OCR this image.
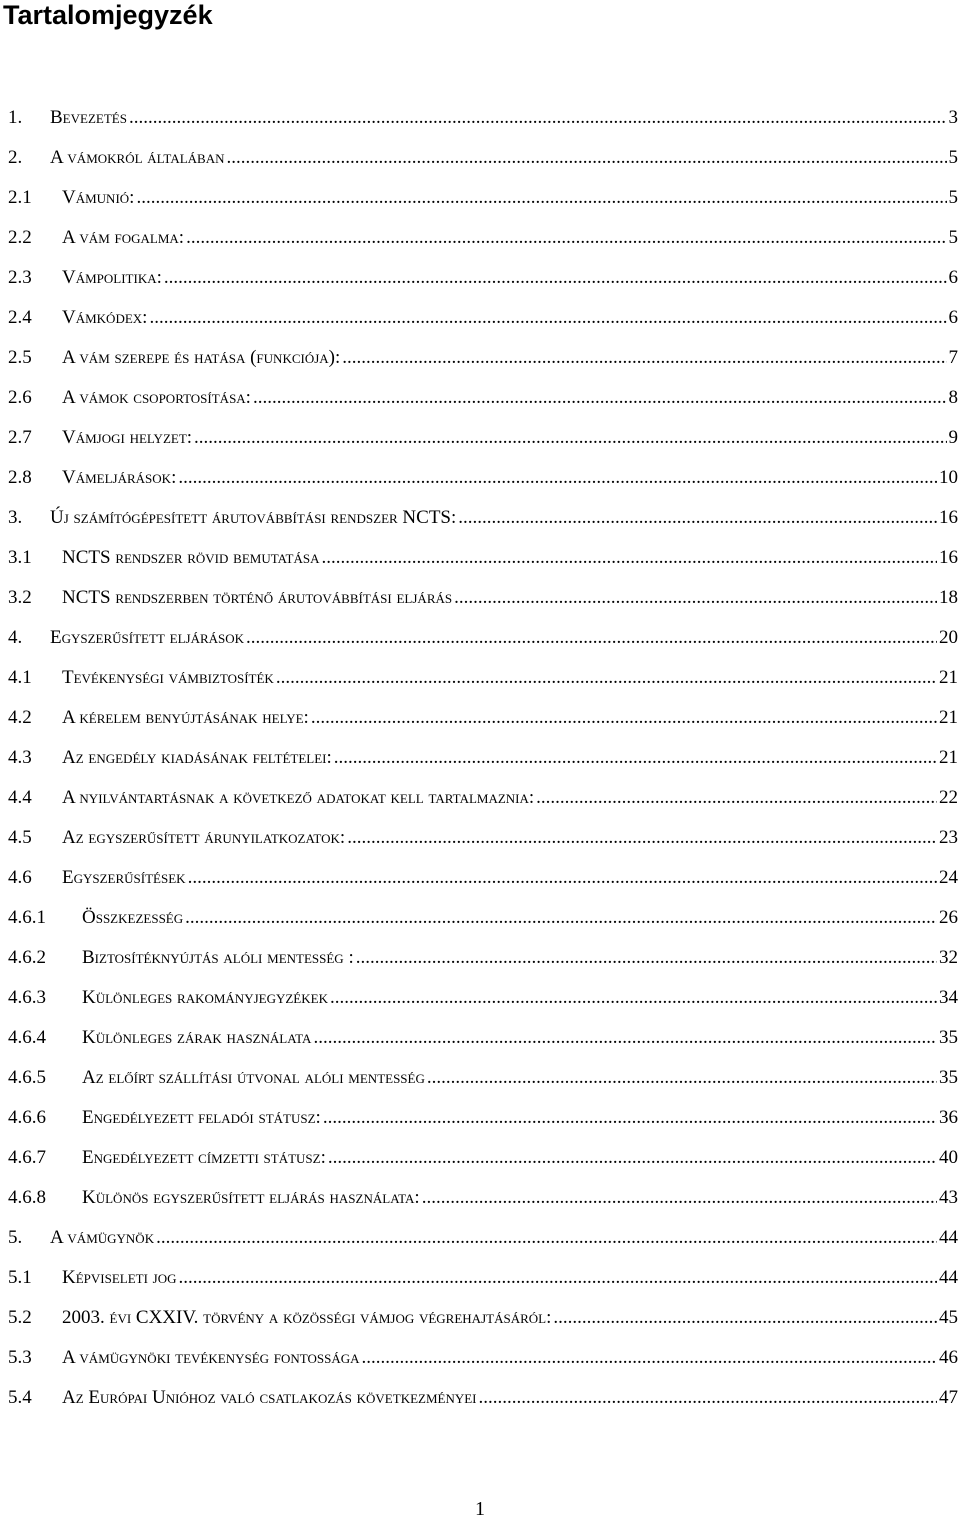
Tartalomjegyzék
1.	Bevezetés .....	3
2.	A vámokról általában .....	5
2.1	Vámunió: .....	5
2.2	A vám fogalma: .....	5
2.3	Vámpolitika: .....	6
2.4	Vámkódex: .....	6
2.5	A vám szerepe és hatása (funkciója): .....	7
2.6	A vámok csoportosítása: .....	8
2.7	Vámjogi helyzet: .....	9
2.8	Vámeljárások: .....	10
3.	Új számítógépesített árutovábbítási rendszer NCTS: .....	16
3.1	NCTS rendszer rövid bemutatása .....	16
3.2	NCTS rendszerben történő árutovábbítási eljárás .....	18
4.	Egyszerűsített eljárások .....	20
4.1	Tevékenységi vámbiztosíték .....	21
4.2	A kérelem benyújtásának helye: .....	21
4.3	Az engedély kiadásának feltételei: .....	21
4.4	A nyilvántartásnak a következő adatokat kell tartalmaznia: .....	22
4.5	Az egyszerűsített árunyilatkozatok: .....	23
4.6	Egyszerűsítések .....	24
4.6.1	Összkezesség .....	26
4.6.2	Biztosítéknyújtás alóli mentesség : .....	32
4.6.3	Különleges rakományjegyzékek .....	34
4.6.4	Különleges zárak használata .....	35
4.6.5	Az előírt szállítási útvonal alóli mentesség .....	35
4.6.6	Engedélyezett feladói státusz: .....	36
4.6.7	Engedélyezett címzetti státusz: .....	40
4.6.8	Különös egyszerűsített eljárás használata: .....	43
5.	A vámügynök .....	44
5.1	Képviseleti jog .....	44
5.2	2003. évi CXXIV. törvény a közösségi vámjog végrehajtásáról: .....	45
5.3	A vámügynöki tevékenység fontossága .....	46
5.4	Az Európai Unióhoz való csatlakozás következményei .....	47
1
